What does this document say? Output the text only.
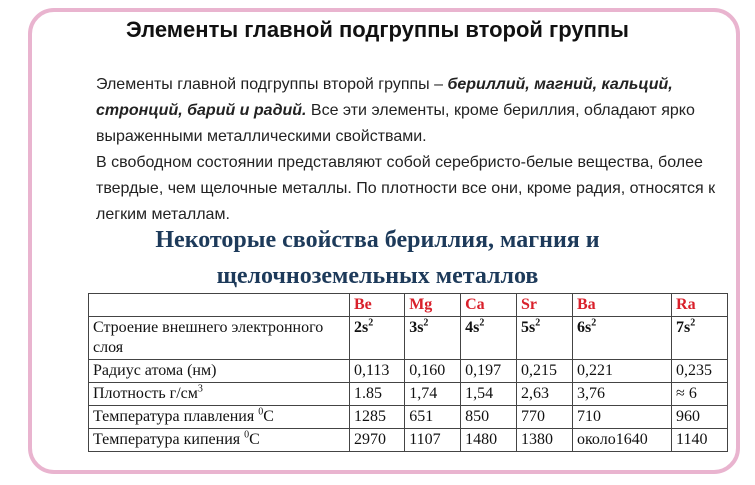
Элементы главной подгруппы второй группы

Элементы главной подгруппы второй группы – бериллий, магний, кальций, стронций, барий и радий. Все эти элементы, кроме бериллия, обладают ярко выраженными металлическими свойствами.

В свободном состоянии представляют собой серебристо-белые вещества, более твердые, чем щелочные металлы. По плотности все они, кроме радия, относятся к легким металлам.

Некоторые свойства бериллия, магния и щелочноземельных металлов
	Be	Mg	Ca	Sr	Ba	Ra
Строение внешнего электронного слоя	$2s^2$	$3s^2$	$4s^2$	$5s^2$	$6s^2$	$7s^2$
Радиус атома (нм)	0,113	0,160	0,197	0,215	0,221	0,235
Плотность $г/см^3$	1.85	1,74	1,54	2,63	3,76	≈ 6
Температура плавления $^0$C	1285	651	850	770	710	960
Температура кипения $^0$C	2970	1107	1480	1380	около1640	1140
